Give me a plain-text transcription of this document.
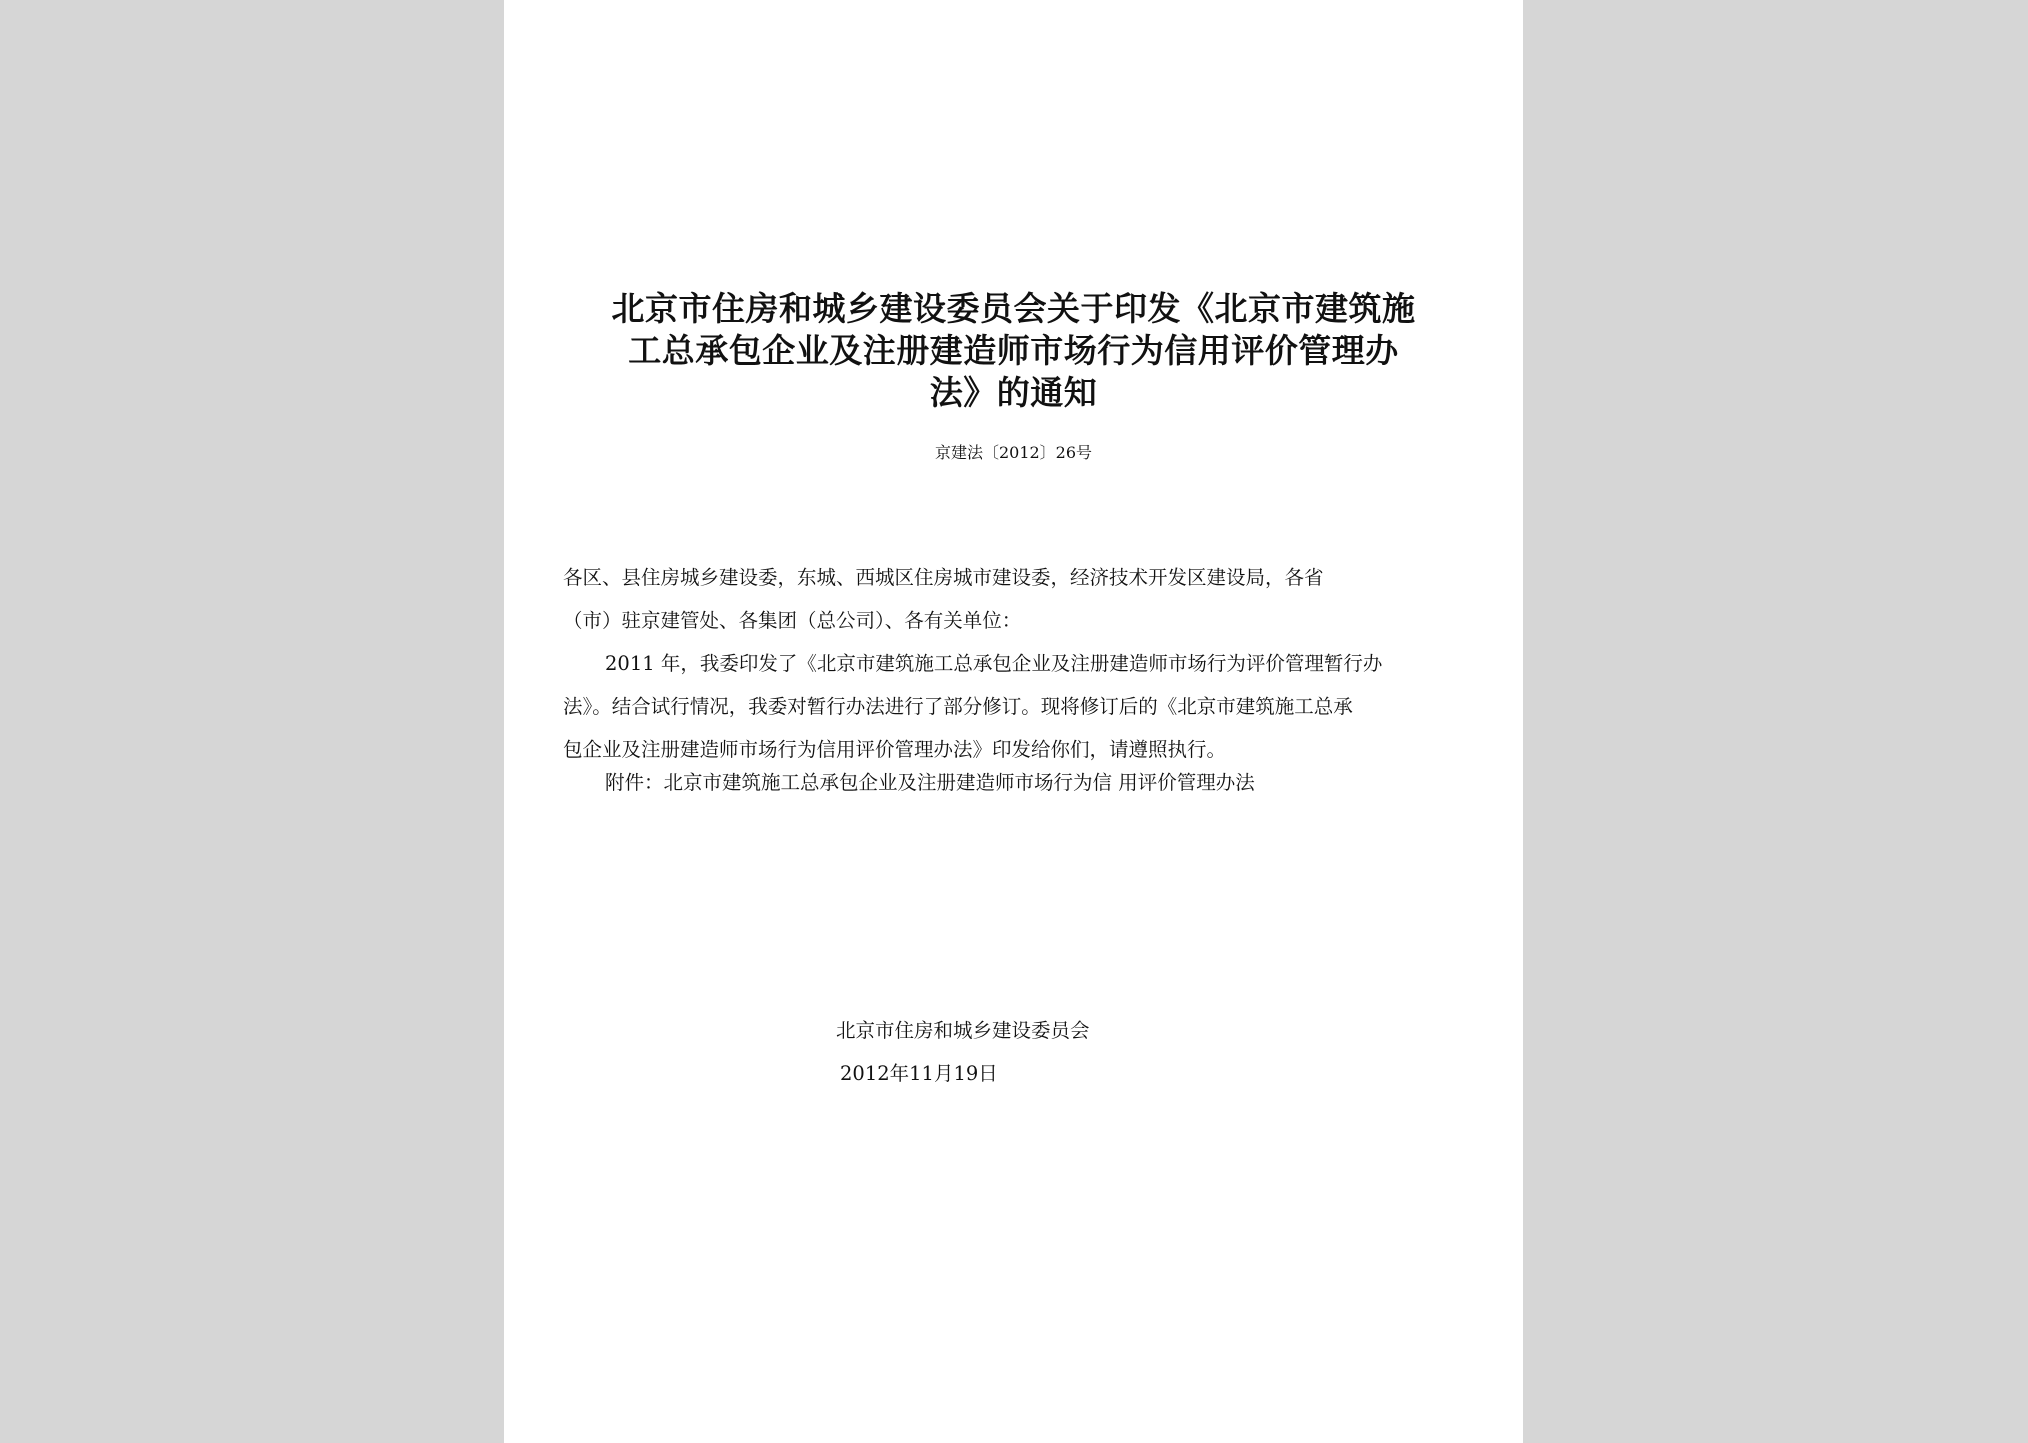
北京市住房和城乡建设委员会关于印发《北京市建筑施
工总承包企业及注册建造师市场行为信用评价管理办
法》的通知
京建法〔2012〕26号
各区、县住房城乡建设委，东城、西城区住房城市建设委，经济技术开发区建设局，各省
（市）驻京建管处、各集团（总公司）、各有关单位：
2011 年，我委印发了《北京市建筑施工总承包企业及注册建造师市场行为评价管理暂行办
法》。结合试行情况，我委对暂行办法进行了部分修订。现将修订后的《北京市建筑施工总承
包企业及注册建造师市场行为信用评价管理办法》印发给你们，请遵照执行。
附件：北京市建筑施工总承包企业及注册建造师市场行为信 用评价管理办法
北京市住房和城乡建设委员会
2012年11月19日
